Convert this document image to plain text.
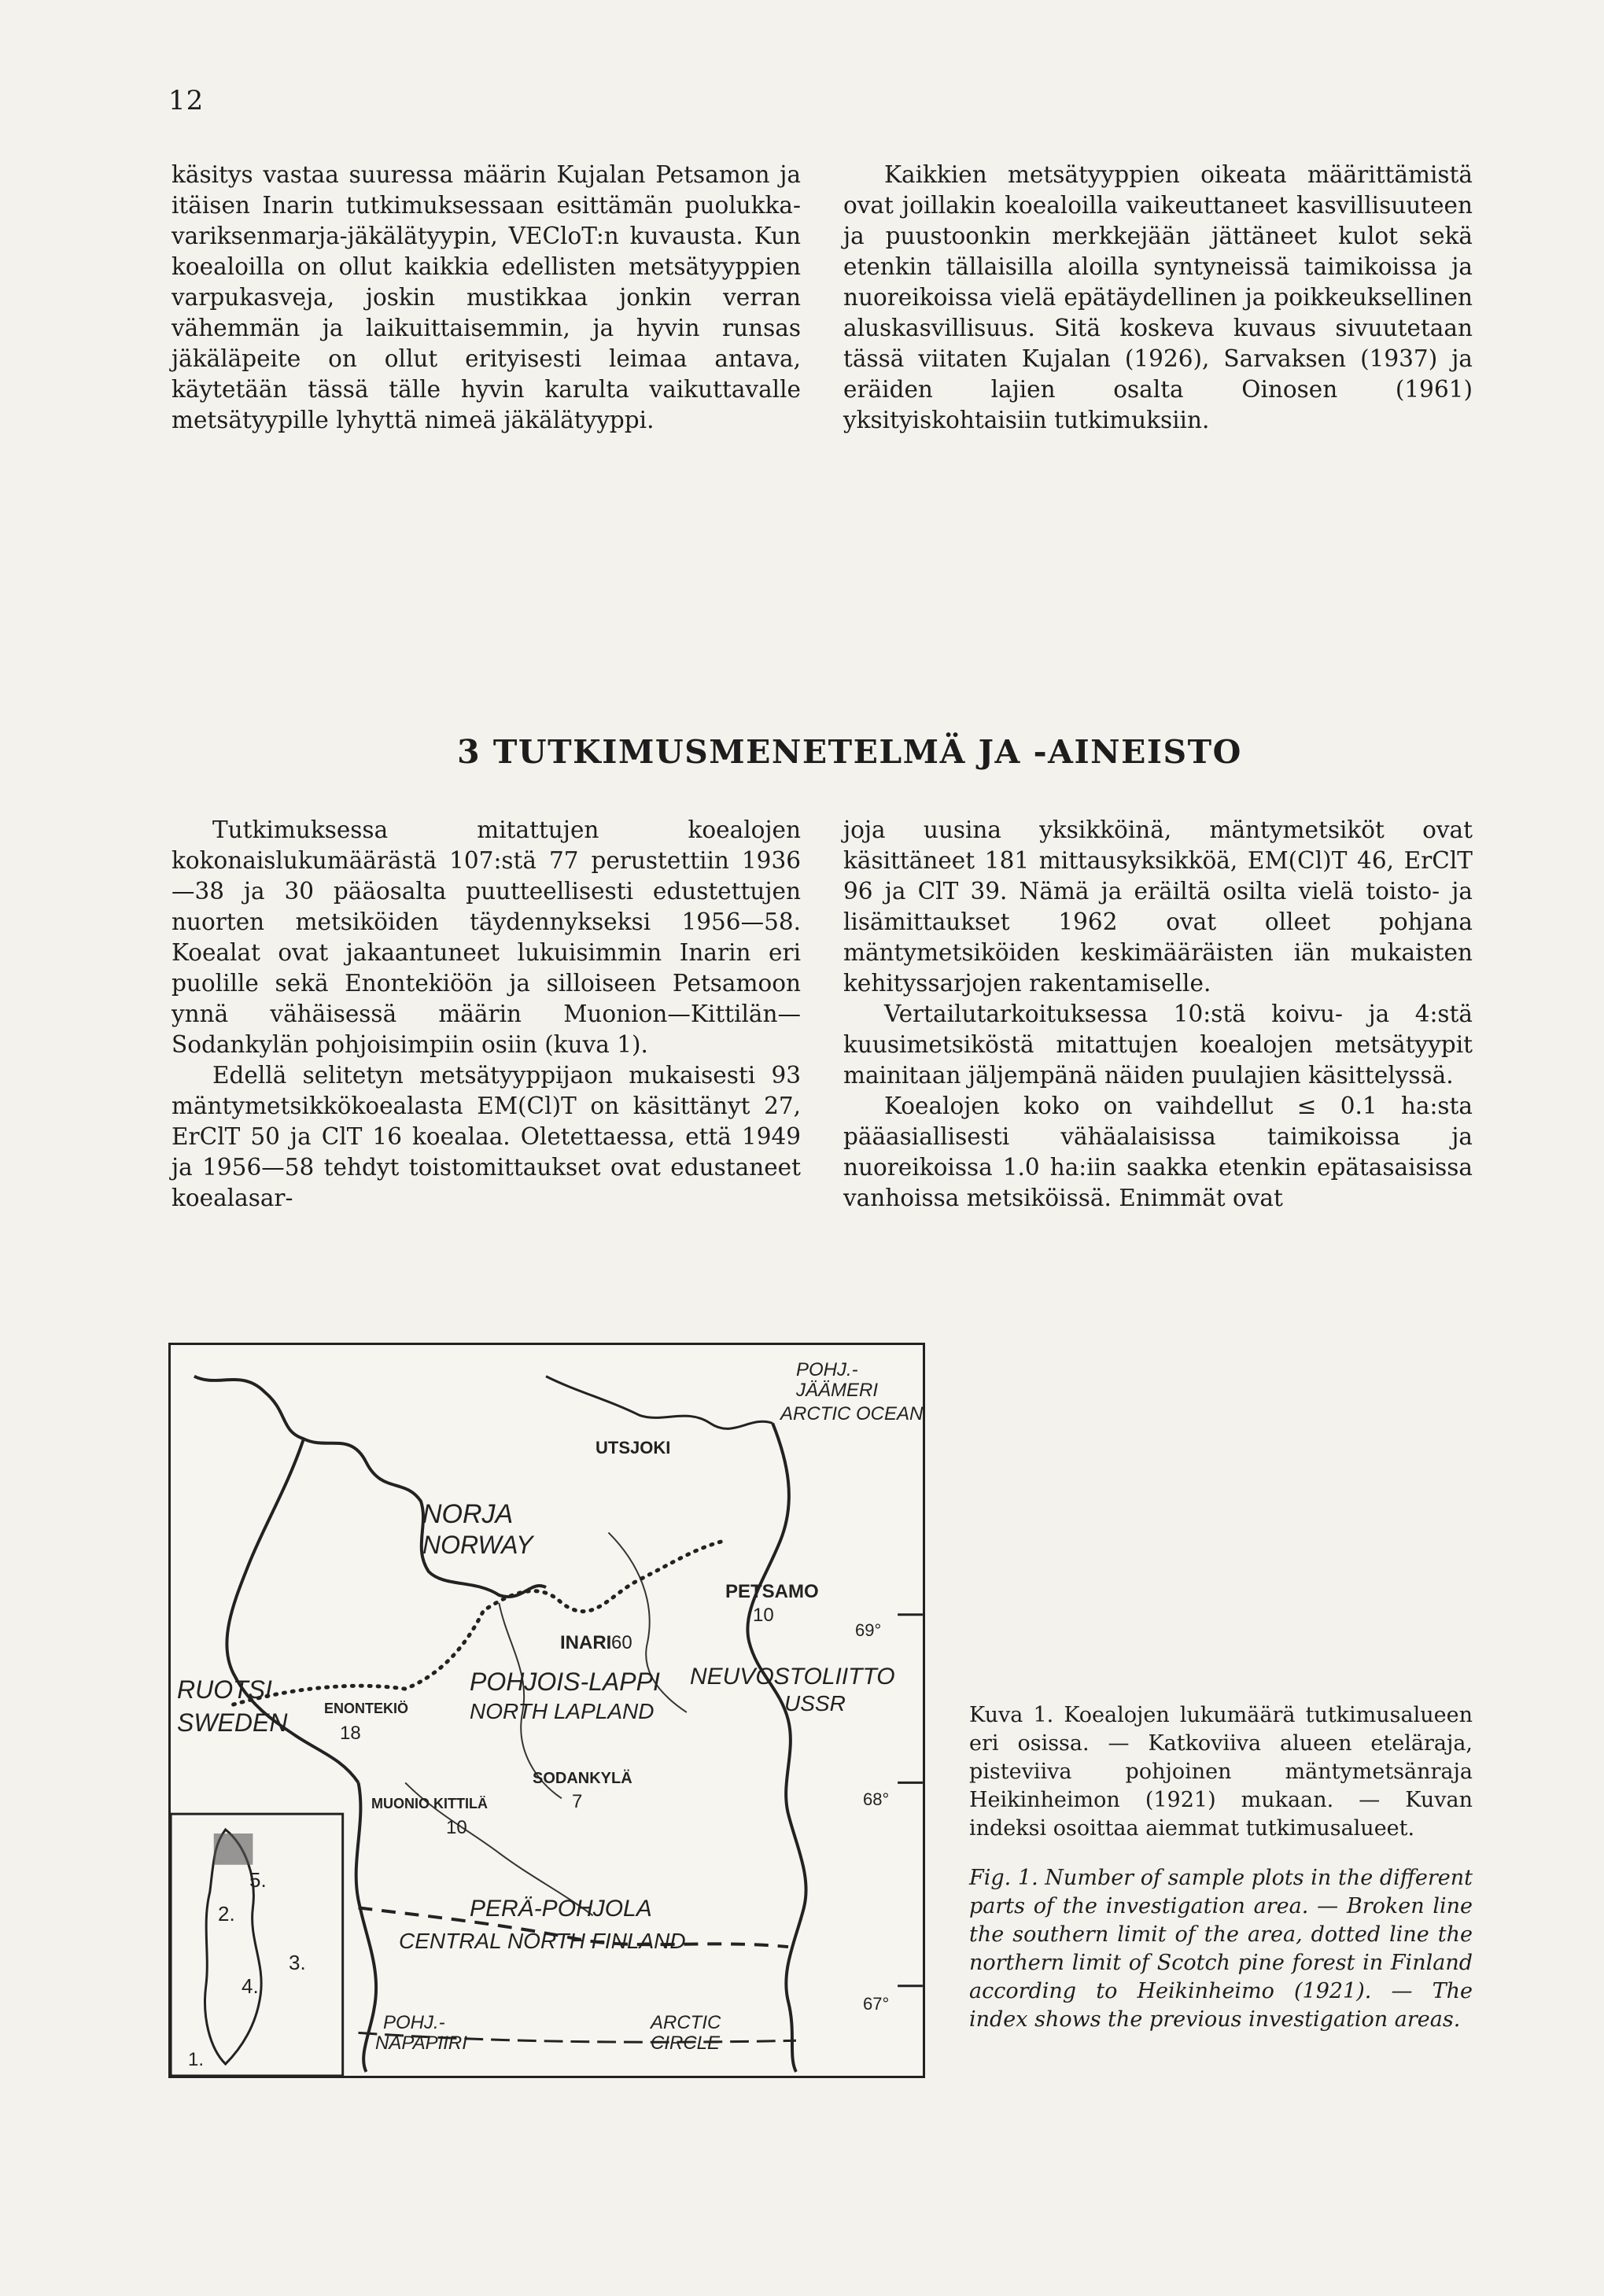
12

käsitys vastaa suuressa määrin Kujalan Petsamon ja itäisen Inarin tutkimuksessaan esittämän puolukka-variksenmarja-jäkälätyypin, VECloT:n kuvausta. Kun koealoilla on ollut kaikkia edellisten metsätyyppien varpukasveja, joskin mustikkaa jonkin verran vähemmän ja laikuittaisemmin, ja hyvin runsas jäkäläpeite on ollut erityisesti leimaa antava, käytetään tässä tälle hyvin karulta vaikuttavalle metsätyypille lyhyttä nimeä jäkälätyyppi.

Kaikkien metsätyyppien oikeata määrittämistä ovat joillakin koealoilla vaikeuttaneet kasvillisuuteen ja puustoonkin merkkejään jättäneet kulot sekä etenkin tällaisilla aloilla syntyneissä taimikoissa ja nuoreikoissa vielä epätäydellinen ja poikkeuksellinen aluskasvillisuus. Sitä koskeva kuvaus sivuutetaan tässä viitaten Kujalan (1926), Sarvaksen (1937) ja eräiden lajien osalta Oinosen (1961) yksityiskohtaisiin tutkimuksiin.

3 TUTKIMUSMENETELMÄ JA -AINEISTO

Tutkimuksessa mitattujen koealojen kokonaislukumäärästä 107:stä 77 perustettiin 1936—38 ja 30 pääosalta puutteellisesti edustettujen nuorten metsiköiden täydennykseksi 1956—58. Koealat ovat jakaantuneet lukuisimmin Inarin eri puolille sekä Enontekiöön ja silloiseen Petsamoon ynnä vähäisessä määrin Muonion—Kittilän—Sodankylän pohjoisimpiin osiin (kuva 1).

Edellä selitetyn metsätyyppijaon mukaisesti 93 mäntymetsikkökoealasta EM(Cl)T on käsittänyt 27, ErClT 50 ja ClT 16 koealaa. Oletettaessa, että 1949 ja 1956—58 tehdyt toistomittaukset ovat edustaneet koealasar-

joja uusina yksikköinä, mäntymetsiköt ovat käsittäneet 181 mittausyksikköä, EM(Cl)T 46, ErClT 96 ja ClT 39. Nämä ja eräiltä osilta vielä toisto- ja lisämittaukset 1962 ovat olleet pohjana mäntymetsiköiden keskimääräisten iän mukaisten kehityssarjojen rakentamiselle.

Vertailutarkoituksessa 10:stä koivu- ja 4:stä kuusimetsiköstä mitattujen koealojen metsätyypit mainitaan jäljempänä näiden puulajien käsittelyssä.

Koealojen koko on vaihdellut ≤ 0.1 ha:sta pääasiallisesti vähäalaisissa taimikoissa ja nuoreikoissa 1.0 ha:iin saakka etenkin epätasaisissa vanhoissa metsiköissä. Enimmät ovat

POHJ.-
JÄÄMERI
ARCTIC OCEAN
UTSJOKI
NORJA
NORWAY
PETSAMO
10
69°
INARI 60
POHJOIS-LAPPI
NORTH LAPLAND
NEUVOSTOLIITTO
USSR
RUOTSI
SWEDEN	ENONTEKIÖ
18
SODANKYLÄ
7
MUONIO KITTILÄ
10
68°
PERÄ-POHJOLA
CENTRAL NORTH FINLAND
67°
POHJ.-
NAPAPIIRI
ARCTIC
CIRCLE
5.
2.
3.
4.
1.

Kuva 1. Koealojen lukumäärä tutkimusalueen eri osissa. — Katkoviiva alueen eteläraja, pisteviiva pohjoinen mäntymetsänraja Heikinheimon (1921) mukaan. — Kuvan indeksi osoittaa aiemmat tutkimusalueet.

Fig. 1. Number of sample plots in the different parts of the investigation area. — Broken line the southern limit of the area, dotted line the northern limit of Scotch pine forest in Finland according to Heikinheimo (1921). — The index shows the previous investigation areas.
